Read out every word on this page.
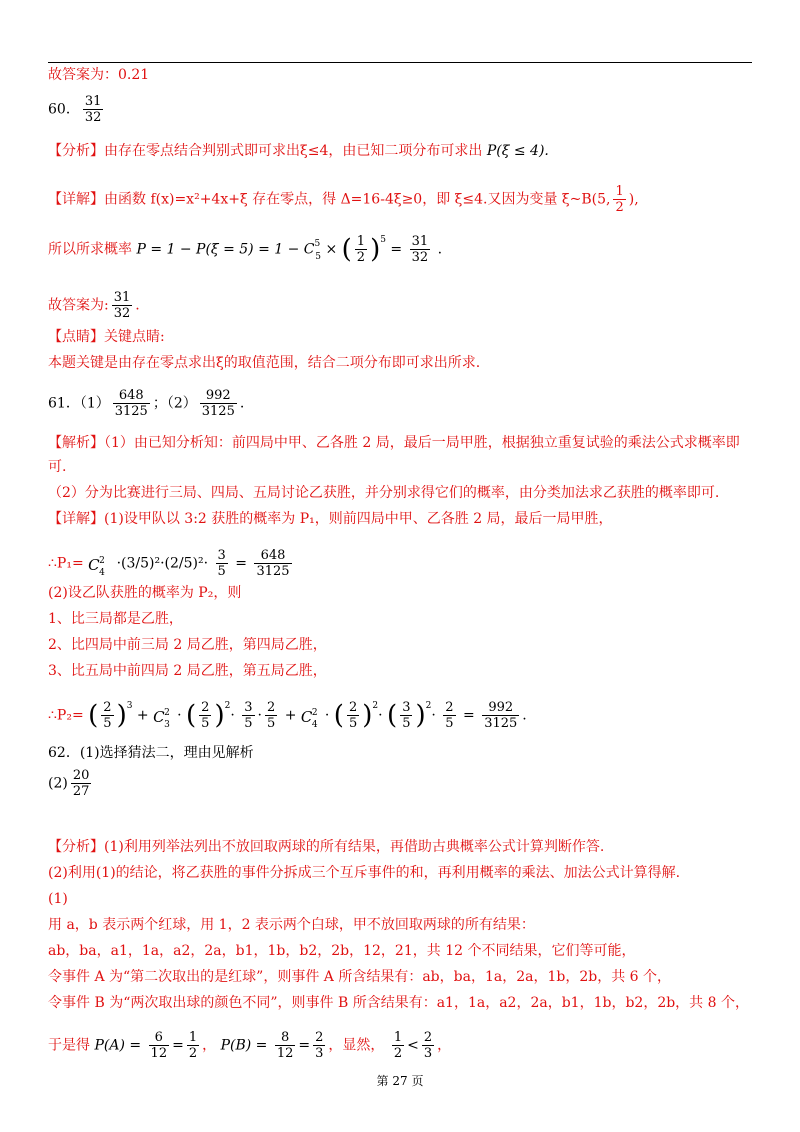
故答案为：0.21
60． $\frac{31}{32}$
【分析】由存在零点结合判别式即可求出ξ≤4，由已知二项分布可求出 P(ξ ≤ 4).
【详解】由函数 f(x)=x²+4x+ξ 存在零点，得 Δ=16-4ξ≥0，即 ξ≤4.又因为变量 ξ~B(5, $\frac{1}{2}$ ),
所以所求概率 $P = 1 - P(\xi = 5) = 1 - C^5_5$ × ( $\frac{1}{2} )^5 = \frac{31}{32}$ .
故答案为: $\frac{31}{32}$ .
【点睛】关键点睛:
本题关键是由存在零点求出ξ的取值范围，结合二项分布即可求出所求.
61．$(1) \frac{648}{3125}$ ；$(2) \frac{992}{3125}$ .
【解析】（1）由已知分析知：前四局中甲、乙各胜 2 局，最后一局甲胜，根据独立重复试验的乘法公式求概率即
可.
（2）分为比赛进行三局、四局、五局讨论乙获胜，并分别求得它们的概率，由分类加法求乙获胜的概率即可.
【详解】(1)设甲队以 3:2 获胜的概率为 P₁，则前四局中甲、乙各胜 2 局，最后一局甲胜，
∴P₁= C 2
4
$\cdot(3/5)^2\cdot(2/5)^2\cdot \frac{3}{5} = \frac{648}{3125}$
(2)设乙队获胜的概率为 P₂，则
1、比三局都是乙胜，
2、比四局中前三局 2 局乙胜，第四局乙胜，
3、比五局中前四局 2 局乙胜，第五局乙胜，
∴P₂= ( $\frac{2}{5} )^3 + C$ 2
3
· ( $\frac{2}{5} )^2\cdot \frac{3}{5} \cdot \frac{2}{5} + C$ 2
4
· ( $\frac{2}{5} )^2\cdot$ ( $\frac{3}{5} )^2\cdot \frac{2}{5} = \frac{992}{3125}$ .
62．(1)选择猜法二，理由见解析
$(2) \frac{20}{27}$
【分析】(1)利用列举法列出不放回取两球的所有结果，再借助古典概率公式计算判断作答.
(2)利用(1)的结论，将乙获胜的事件分拆成三个互斥事件的和，再利用概率的乘法、加法公式计算得解.
(1)
用 a，b 表示两个红球，用 1，2 表示两个白球，甲不放回取两球的所有结果：
ab，ba，a1，1a，a2，2a，b1，1b，b2，2b，12，21，共 12 个不同结果，它们等可能，
令事件 A 为“第二次取出的是红球”，则事件 A 所含结果有：ab，ba，1a，2a，1b，2b，共 6 个，
令事件 B 为“两次取出球的颜色不同”，则事件 B 所含结果有：a1，1a，a2，2a，b1，1b，b2，2b，共 8 个，
于是得 $P(A) = \frac{6}{12} = \frac{1}{2}$ ， $P(B) = \frac{8}{12} = \frac{2}{3}$ ，显然， $\frac{1}{2} < \frac{2}{3}$ ，
第 27 页
